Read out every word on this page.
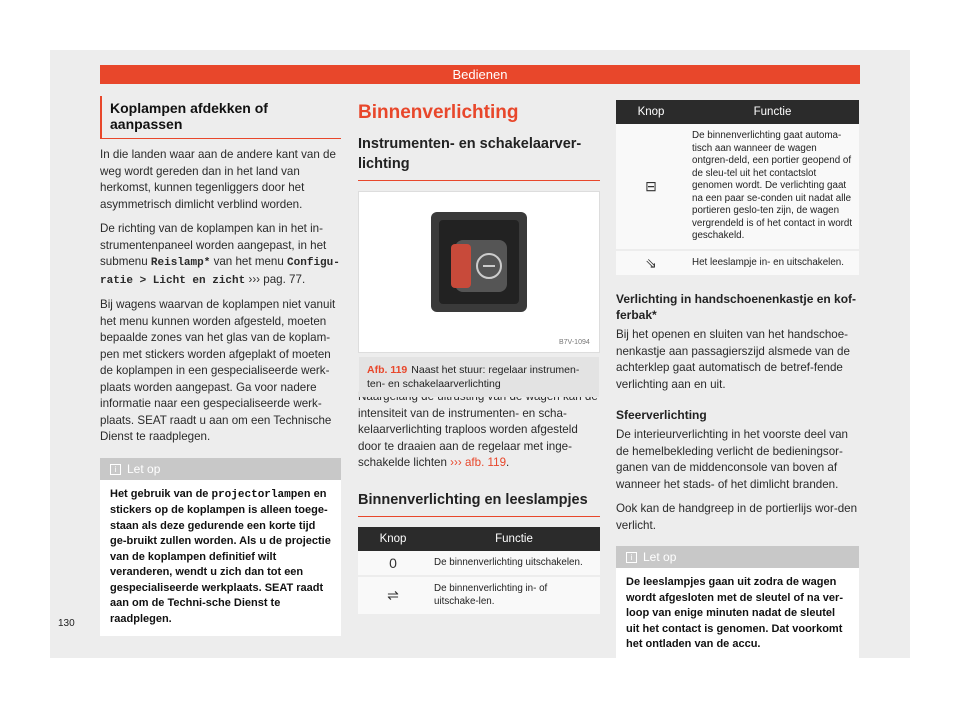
Bedienen
Koplampen afdekken of aanpassen

In die landen waar aan de andere kant van de weg wordt gereden dan in het land van herkomst, kunnen tegenliggers door het asymmetrisch dimlicht verblind worden.

De richting van de koplampen kan in het in-strumentenpaneel worden aangepast, in het submenu Reislamp* van het menu Configu-ratie > Licht en zicht ››› pag. 77.

Bij wagens waarvan de koplampen niet vanuit het menu kunnen worden afgesteld, moeten bepaalde zones van het glas van de koplam-pen met stickers worden afgeplakt of moeten de koplampen in een gespecialiseerde werk-plaats worden aangepast. Ga voor nadere informatie naar een gespecialiseerde werk-plaats. SEAT raadt u aan om een Technische Dienst te raadplegen.

i Let op
Het gebruik van de projectorlampen en stickers op de koplampen is alleen toege-staan als deze gedurende een korte tijd ge-bruikt zullen worden. Als u de projectie van de koplampen definitief wilt veranderen, wendt u zich dan tot een gespecialiseerde werkplaats. SEAT raadt aan om de Techni-sche Dienst te raadplegen.
Binnenverlichting
Instrumenten- en schakelaarver-lichting
B7V-1094
Afb. 119 Naast het stuur: regelaar instrumen-ten- en schakelaarverlichting

intensiteit van de instrumenten- en scha-kelaarverlichting traploos worden afgesteld door te draaien aan de regelaar met inge-schakelde lichten ››› afb. 119.

Binnenverlichting en leeslampjes
Knop	Functie
0	De binnenverlichting uitschakelen.
⇌	De binnenverlichting in- of uitschake-len.
Knop	Functie
⊟	De binnenverlichting gaat automa-tisch aan wanneer de wagen ontgren-deld, een portier geopend of de sleu-tel uit het contactslot genomen wordt. De verlichting gaat na een paar se-conden uit nadat alle portieren geslo-ten zijn, de wagen vergrendeld is of het contact in wordt geschakeld.
⇘	Het leeslampje in- en uitschakelen.
Verlichting in handschoenenkastje en kof-ferbak*

Bij het openen en sluiten van het handschoe-nenkastje aan passagierszijd alsmede van de achterklep gaat automatisch de betref-fende verlichting aan en uit.

Sfeerverlichting

De interieurverlichting in het voorste deel van de hemelbekleding verlicht de bedieningsor-ganen van de middenconsole van boven af wanneer het stads- of het dimlicht branden.

Ook kan de handgreep in de portierlijs wor-den verlicht.

i Let op
De leeslampjes gaan uit zodra de wagen wordt afgesloten met de sleutel of na ver-loop van enige minuten nadat de sleutel uit het contact is genomen. Dat voorkomt het ontladen van de accu.
130
